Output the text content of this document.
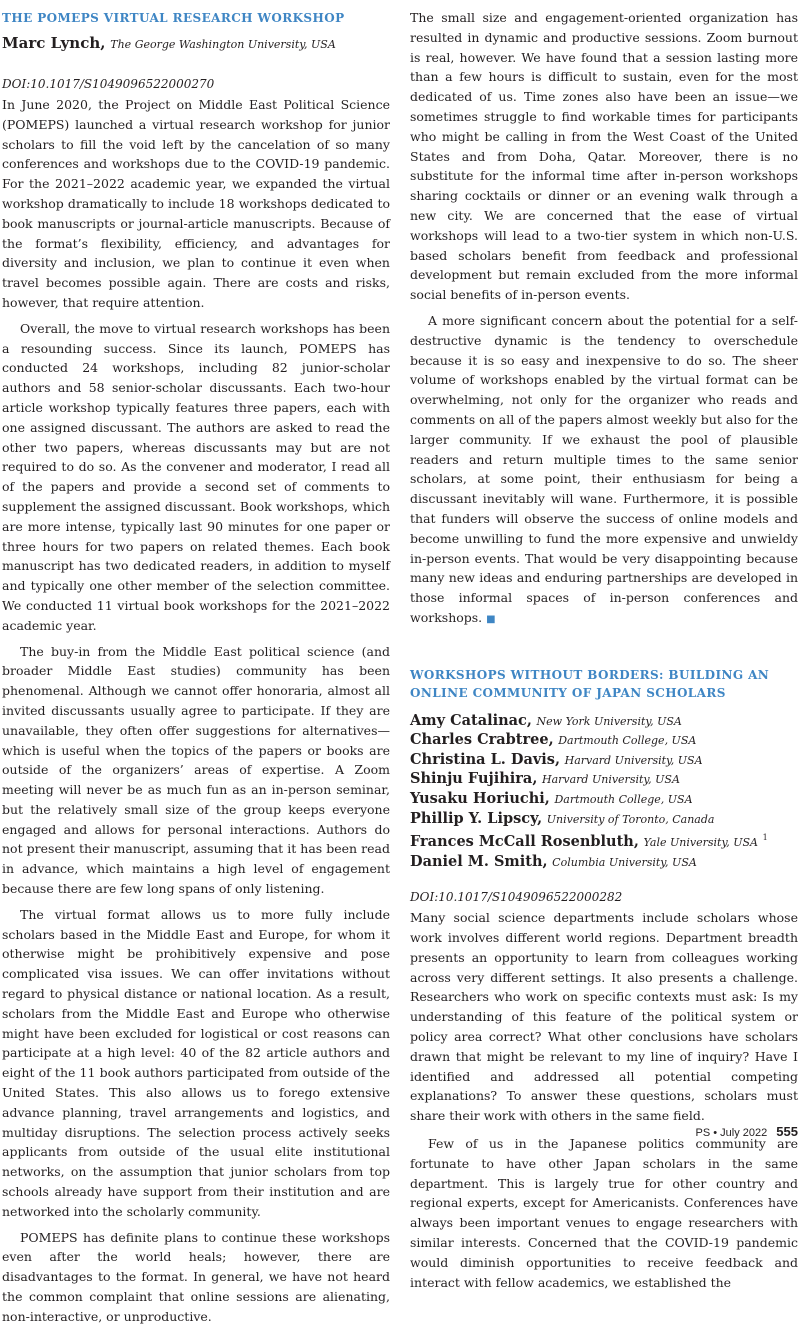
THE POMEPS VIRTUAL RESEARCH WORKSHOP
Marc Lynch, The George Washington University, USA
DOI:10.1017/S1049096522000270

In June 2020, the Project on Middle East Political Science (POMEPS) launched a virtual research workshop for junior scholars to fill the void left by the cancelation of so many conferences and workshops due to the COVID-19 pandemic. For the 2021–2022 academic year, we expanded the virtual workshop dramatically to include 18 workshops dedicated to book manuscripts or journal-article manuscripts. Because of the format’s flexibility, efficiency, and advantages for diversity and inclusion, we plan to continue it even when travel becomes possible again. There are costs and risks, however, that require attention.

Overall, the move to virtual research workshops has been a resounding success. Since its launch, POMEPS has conducted 24 workshops, including 82 junior-scholar authors and 58 senior-scholar discussants. Each two-hour article workshop typically features three papers, each with one assigned discussant. The authors are asked to read the other two papers, whereas discussants may but are not required to do so. As the convener and moderator, I read all of the papers and provide a second set of comments to supplement the assigned discussant. Book workshops, which are more intense, typically last 90 minutes for one paper or three hours for two papers on related themes. Each book manuscript has two dedicated readers, in addition to myself and typically one other member of the selection committee. We conducted 11 virtual book workshops for the 2021–2022 academic year.

The buy-in from the Middle East political science (and broader Middle East studies) community has been phenomenal. Although we cannot offer honoraria, almost all invited discussants usually agree to participate. If they are unavailable, they often offer suggestions for alternatives—which is useful when the topics of the papers or books are outside of the organizers’ areas of expertise. A Zoom meeting will never be as much fun as an in-person seminar, but the relatively small size of the group keeps everyone engaged and allows for personal interactions. Authors do not present their manuscript, assuming that it has been read in advance, which maintains a high level of engagement because there are few long spans of only listening.

The virtual format allows us to more fully include scholars based in the Middle East and Europe, for whom it otherwise might be prohibitively expensive and pose complicated visa issues. We can offer invitations without regard to physical distance or national location. As a result, scholars from the Middle East and Europe who otherwise might have been excluded for logistical or cost reasons can participate at a high level: 40 of the 82 article authors and eight of the 11 book authors participated from outside of the United States. This also allows us to forego extensive advance planning, travel arrangements and logistics, and multiday disruptions. The selection process actively seeks applicants from outside of the usual elite institutional networks, on the assumption that junior scholars from top schools already have support from their institution and are networked into the scholarly community.

POMEPS has definite plans to continue these workshops even after the world heals; however, there are disadvantages to the format. In general, we have not heard the common complaint that online sessions are alienating, non-interactive, or unproductive.

The small size and engagement-oriented organization has resulted in dynamic and productive sessions. Zoom burnout is real, however. We have found that a session lasting more than a few hours is difficult to sustain, even for the most dedicated of us. Time zones also have been an issue—we sometimes struggle to find workable times for participants who might be calling in from the West Coast of the United States and from Doha, Qatar. Moreover, there is no substitute for the informal time after in-person workshops sharing cocktails or dinner or an evening walk through a new city. We are concerned that the ease of virtual workshops will lead to a two-tier system in which non-U.S. based scholars benefit from feedback and professional development but remain excluded from the more informal social benefits of in-person events.

A more significant concern about the potential for a self-destructive dynamic is the tendency to overschedule because it is so easy and inexpensive to do so. The sheer volume of workshops enabled by the virtual format can be overwhelming, not only for the organizer who reads and comments on all of the papers almost weekly but also for the larger community. If we exhaust the pool of plausible readers and return multiple times to the same senior scholars, at some point, their enthusiasm for being a discussant inevitably will wane. Furthermore, it is possible that funders will observe the success of online models and become unwilling to fund the more expensive and unwieldy in-person events. That would be very disappointing because many new ideas and enduring partnerships are developed in those informal spaces of in-person conferences and workshops. ■

WORKSHOPS WITHOUT BORDERS: BUILDING AN ONLINE COMMUNITY OF JAPAN SCHOLARS
Amy Catalinac, New York University, USA
Charles Crabtree, Dartmouth College, USA
Christina L. Davis, Harvard University, USA
Shinju Fujihira, Harvard University, USA
Yusaku Horiuchi, Dartmouth College, USA
Phillip Y. Lipscy, University of Toronto, Canada
Frances McCall Rosenbluth, Yale University, USA $^1$
Daniel M. Smith, Columbia University, USA
DOI:10.1017/S1049096522000282

Many social science departments include scholars whose work involves different world regions. Department breadth presents an opportunity to learn from colleagues working across very different settings. It also presents a challenge. Researchers who work on specific contexts must ask: Is my understanding of this feature of the political system or policy area correct? What other conclusions have scholars drawn that might be relevant to my line of inquiry? Have I identified and addressed all potential competing explanations? To answer these questions, scholars must share their work with others in the same field.

Few of us in the Japanese politics community are fortunate to have other Japan scholars in the same department. This is largely true for other country and regional experts, except for Americanists. Conferences have always been important venues to engage researchers with similar interests. Concerned that the COVID-19 pandemic would diminish opportunities to receive feedback and interact with fellow academics, we established the

PS • July 2022 555
